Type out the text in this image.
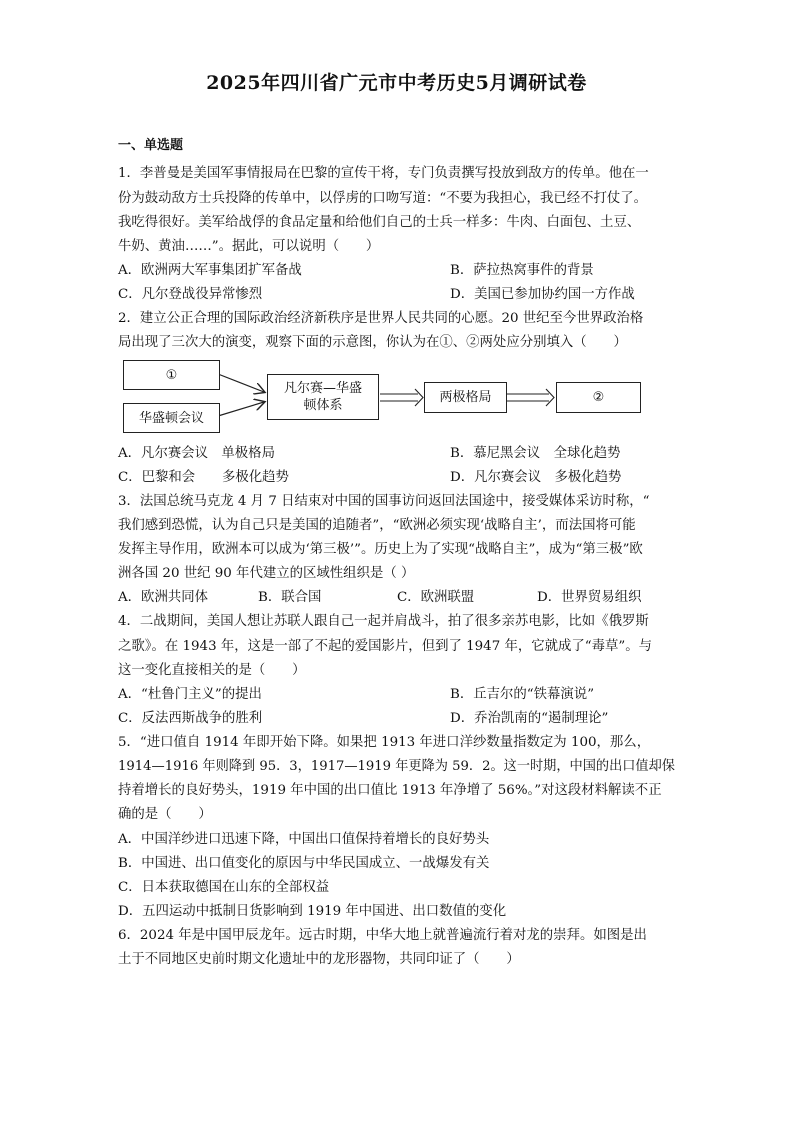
2025年四川省广元市中考历史5月调研试卷
一、单选题
1．李普曼是美国军事情报局在巴黎的宣传干将，专门负责撰写投放到敌方的传单。他在一
份为鼓动敌方士兵投降的传单中，以俘虏的口吻写道：“不要为我担心，我已经不打仗了。
我吃得很好。美军给战俘的食品定量和给他们自己的士兵一样多：牛肉、白面包、土豆、
牛奶、黄油……”。据此，可以说明（　　）
A．欧洲两大军事集团扩军备战	B．萨拉热窝事件的背景
C．凡尔登战役异常惨烈	D．美国已参加协约国一方作战
2．建立公正合理的国际政治经济新秩序是世界人民共同的心愿。20 世纪至今世界政治格
局出现了三次大的演变，观察下面的示意图，你认为在①、②两处应分别填入（　　）
①
华盛顿会议
凡尔赛—华盛
顿体系
两极格局	②
A．凡尔赛会议　单极格局	B．慕尼黑会议　全球化趋势
C．巴黎和会　　多极化趋势	D．凡尔赛会议　多极化趋势
3．法国总统马克龙 4 月 7 日结束对中国的国事访问返回法国途中，接受媒体采访时称，“
我们感到恐慌，认为自己只是美国的追随者”，“欧洲必须实现‘战略自主’，而法国将可能
发挥主导作用，欧洲本可以成为‘第三极’”。历史上为了实现“战略自主”，成为“第三极”欧
洲各国 20 世纪 90 年代建立的区域性组织是（ ）
A．欧洲共同体	B．联合国	C．欧洲联盟	D．世界贸易组织
4．二战期间，美国人想让苏联人跟自己一起并肩战斗，拍了很多亲苏电影，比如《俄罗斯
之歌》。在 1943 年，这是一部了不起的爱国影片，但到了 1947 年，它就成了“毒草”。与
这一变化直接相关的是（　　）
A．“杜鲁门主义”的提出	B．丘吉尔的“铁幕演说”
C．反法西斯战争的胜利	D．乔治凯南的“遏制理论”
5．“进口值自 1914 年即开始下降。如果把 1913 年进口洋纱数量指数定为 100，那么，
1914—1916 年则降到 95．3，1917—1919 年更降为 59．2。这一时期，中国的出口值却保
持着增长的良好势头，1919 年中国的出口值比 1913 年净增了 56%。”对这段材料解读不正
确的是（　　）
A．中国洋纱进口迅速下降，中国出口值保持着增长的良好势头
B．中国进、出口值变化的原因与中华民国成立、一战爆发有关
C．日本获取德国在山东的全部权益
D．五四运动中抵制日货影响到 1919 年中国进、出口数值的变化
6．2024 年是中国甲辰龙年。远古时期，中华大地上就普遍流行着对龙的崇拜。如图是出
土于不同地区史前时期文化遗址中的龙形器物，共同印证了（　　）
